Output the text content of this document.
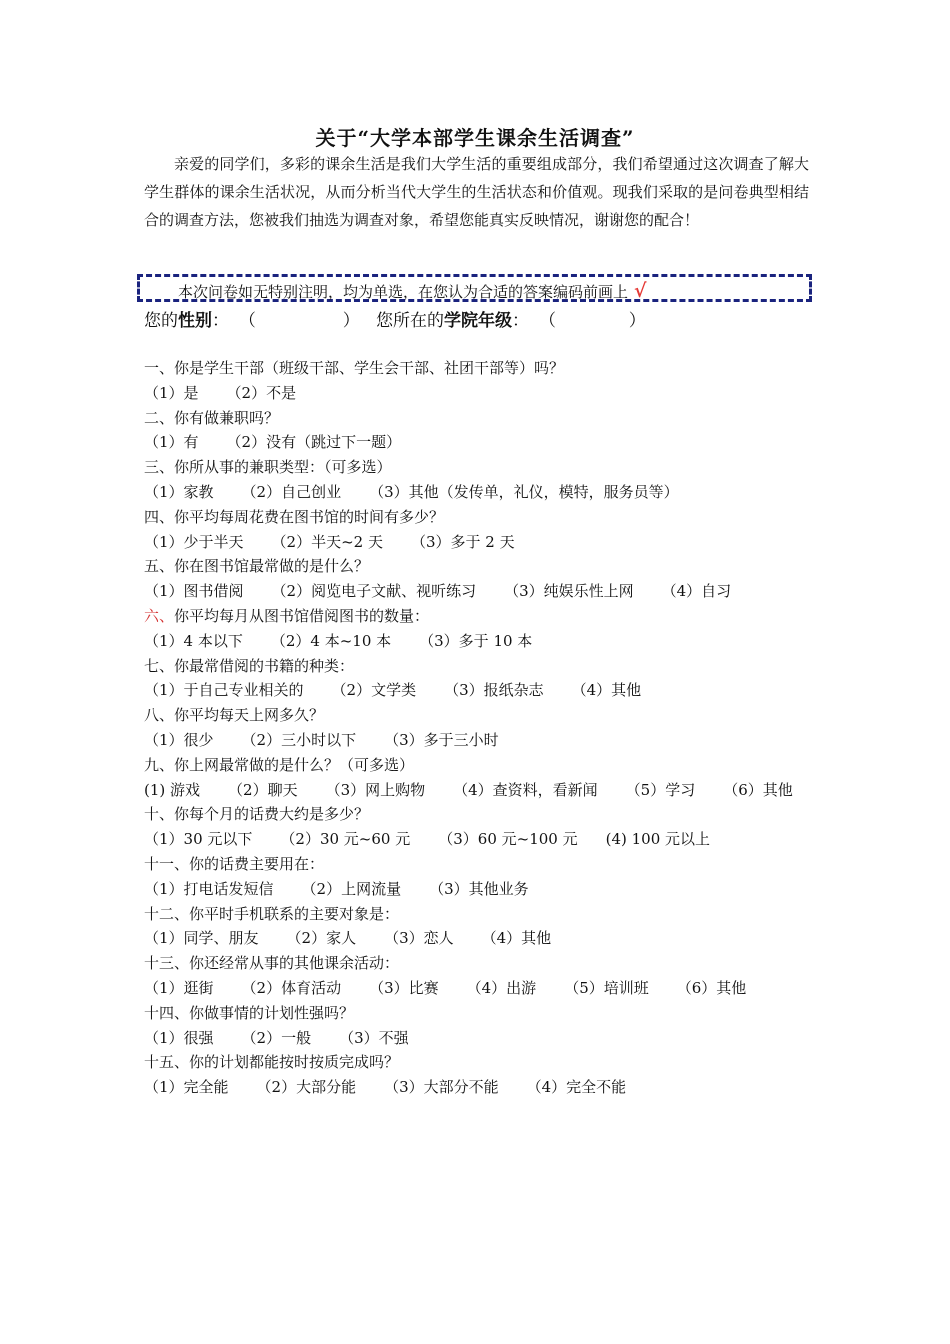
关于“大学本部学生课余生活调查”
亲爱的同学们，多彩的课余生活是我们大学生活的重要组成部分，我们希望通过这次调查了解大学生群体的课余生活状况，从而分析当代大学生的生活状态和价值观。现我们采取的是问卷典型相结合的调查方法，您被我们抽选为调查对象，希望您能真实反映情况，谢谢您的配合！
本次问卷如无特别注明，均为单选，在您认为合适的答案编码前画上 √
您的性别： （	） 您所在的学院年级： （	）
一、你是学生干部（班级干部、学生会干部、社团干部等）吗？
（1）是 （2）不是
二、你有做兼职吗？
（1）有 （2）没有（跳过下一题）
三、你所从事的兼职类型：（可多选）
（1）家教 （2）自己创业 （3）其他（发传单，礼仪，模特，服务员等）
四、你平均每周花费在图书馆的时间有多少？
（1）少于半天 （2）半天~2 天 （3）多于 2 天
五、你在图书馆最常做的是什么？
（1）图书借阅 （2）阅览电子文献、视听练习 （3）纯娱乐性上网 （4）自习
六、你平均每月从图书馆借阅图书的数量：
（1）4 本以下 （2）4 本~10 本 （3）多于 10 本
七、你最常借阅的书籍的种类：
（1）于自己专业相关的 （2）文学类 （3）报纸杂志 （4）其他
八、你平均每天上网多久？
（1）很少 （2）三小时以下 （3）多于三小时
九、你上网最常做的是什么？（可多选）
(1) 游戏 （2）聊天 （3）网上购物 （4）查资料，看新闻 （5）学习 （6）其他
十、你每个月的话费大约是多少？
（1）30 元以下 （2）30 元~60 元 （3）60 元~100 元 (4) 100 元以上
十一、你的话费主要用在：
（1）打电话发短信 （2）上网流量 （3）其他业务
十二、你平时手机联系的主要对象是：
（1）同学、朋友 （2）家人 （3）恋人 （4）其他
十三、你还经常从事的其他课余活动：
（1）逛街 （2）体育活动 （3）比赛 （4）出游 （5）培训班 （6）其他
十四、你做事情的计划性强吗？
（1）很强 （2）一般 （3）不强
十五、你的计划都能按时按质完成吗？
（1）完全能 （2）大部分能 （3）大部分不能 （4）完全不能
